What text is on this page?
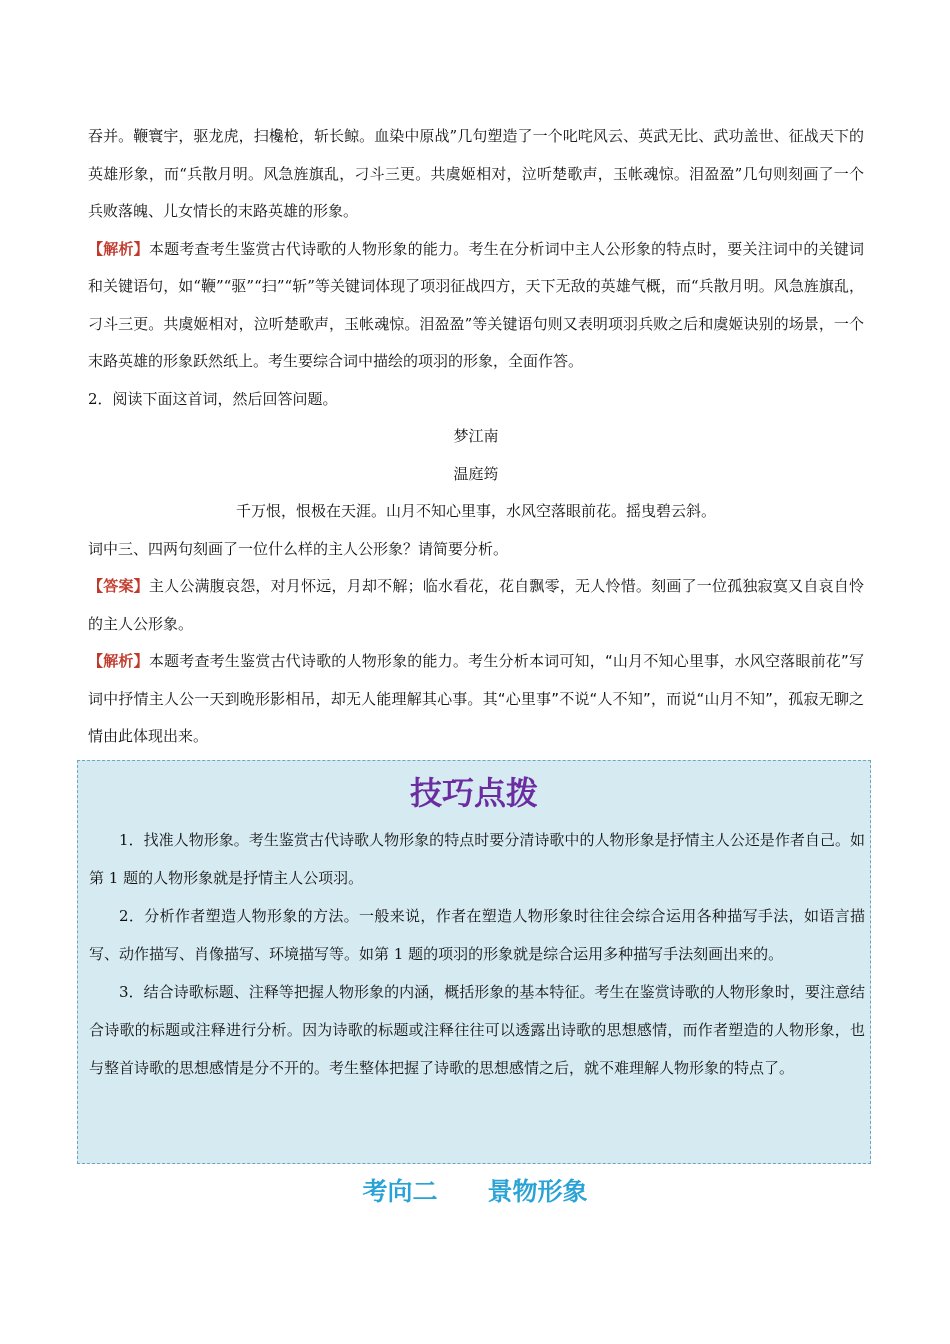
吞并。鞭寰宇，驱龙虎，扫欃枪，斩长鲸。血染中原战”几句塑造了一个叱咤风云、英武无比、武功盖世、征战天下的英雄形象，而“兵散月明。风急旌旗乱，刁斗三更。共虞姬相对，泣听楚歌声，玉帐魂惊。泪盈盈”几句则刻画了一个兵败落魄、儿女情长的末路英雄的形象。

【解析】本题考查考生鉴赏古代诗歌的人物形象的能力。考生在分析词中主人公形象的特点时，要关注词中的关键词和关键语句，如“鞭”“驱”“扫”“斩”等关键词体现了项羽征战四方，天下无敌的英雄气概，而“兵散月明。风急旌旗乱，刁斗三更。共虞姬相对，泣听楚歌声，玉帐魂惊。泪盈盈”等关键语句则又表明项羽兵败之后和虞姬诀别的场景，一个末路英雄的形象跃然纸上。考生要综合词中描绘的项羽的形象，全面作答。

2．阅读下面这首词，然后回答问题。

梦江南

温庭筠

千万恨，恨极在天涯。山月不知心里事，水风空落眼前花。摇曳碧云斜。

词中三、四两句刻画了一位什么样的主人公形象？请简要分析。

【答案】主人公满腹哀怨，对月怀远，月却不解；临水看花，花自飘零，无人怜惜。刻画了一位孤独寂寞又自哀自怜的主人公形象。

【解析】本题考查考生鉴赏古代诗歌的人物形象的能力。考生分析本词可知，“山月不知心里事，水风空落眼前花”写词中抒情主人公一天到晚形影相吊，却无人能理解其心事。其“心里事”不说“人不知”，而说“山月不知”，孤寂无聊之情由此体现出来。

技巧点拨

1．找准人物形象。考生鉴赏古代诗歌人物形象的特点时要分清诗歌中的人物形象是抒情主人公还是作者自己。如第 1 题的人物形象就是抒情主人公项羽。

2．分析作者塑造人物形象的方法。一般来说，作者在塑造人物形象时往往会综合运用各种描写手法，如语言描写、动作描写、肖像描写、环境描写等。如第 1 题的项羽的形象就是综合运用多种描写手法刻画出来的。

3．结合诗歌标题、注释等把握人物形象的内涵，概括形象的基本特征。考生在鉴赏诗歌的人物形象时，要注意结合诗歌的标题或注释进行分析。因为诗歌的标题或注释往往可以透露出诗歌的思想感情，而作者塑造的人物形象，也与整首诗歌的思想感情是分不开的。考生整体把握了诗歌的思想感情之后，就不难理解人物形象的特点了。

考向二　　景物形象
